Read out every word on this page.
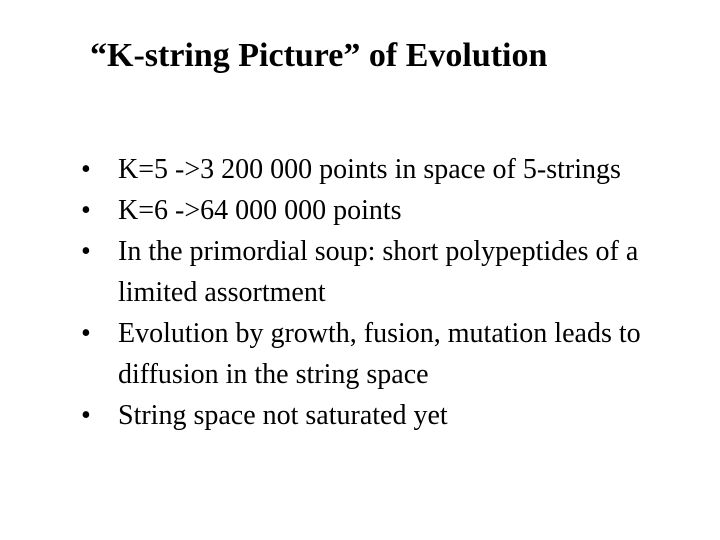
“K-string Picture” of Evolution
• K=5 ->3 200 000 points in space of 5-strings
• K=6 ->64 000 000 points
• In the primordial soup: short polypeptides of a limited assortment
• Evolution by growth, fusion, mutation leads to diffusion in the string space
• String space not saturated yet
